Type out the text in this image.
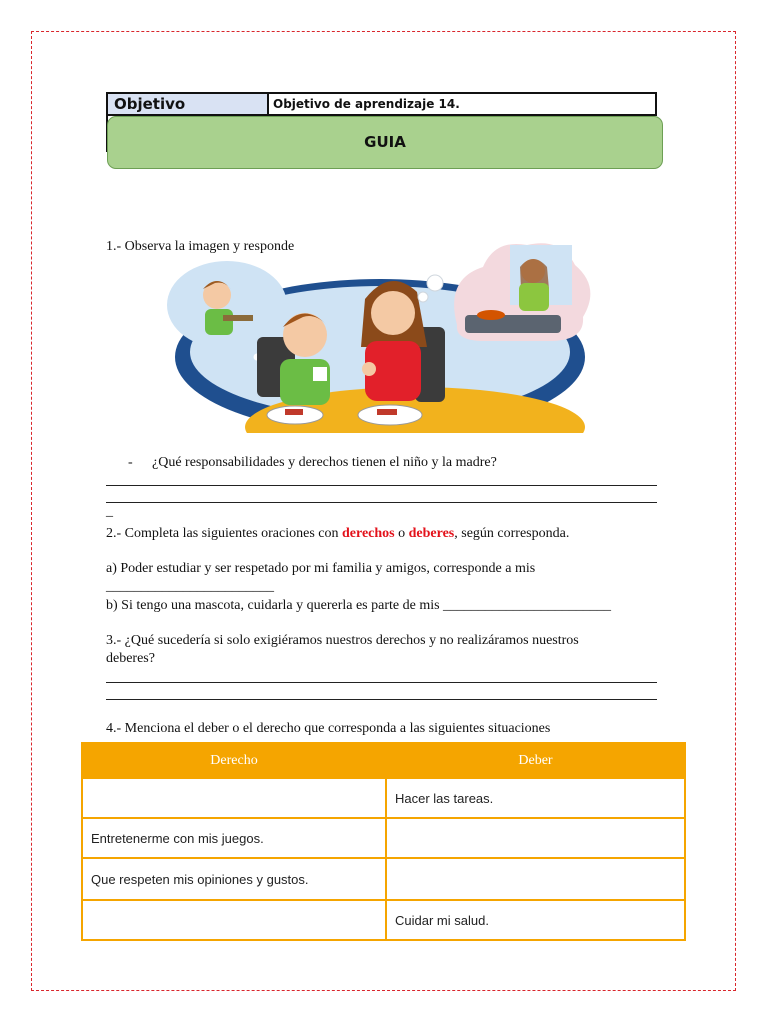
Objetivo	Objetivo de aprendizaje 14.
GUIA
1.- Observa la imagen y responde
- ¿Qué responsabilidades y derechos tienen el niño y la madre?
_
2.- Completa las siguientes oraciones con derechos o deberes, según corresponda.
a) Poder estudiar y ser respetado por mi familia y amigos, corresponde a mis
________________________
b) Si tengo una mascota, cuidarla y quererla es parte de mis ________________________
3.- ¿Qué sucedería si solo exigiéramos nuestros derechos y no realizáramos nuestros
deberes?
4.- Menciona el deber o el derecho que corresponda a las siguientes situaciones
Derecho	Deber
	Hacer las tareas.
Entretenerme con mis juegos.	
Que respeten mis opiniones y gustos.	
	Cuidar mi salud.
